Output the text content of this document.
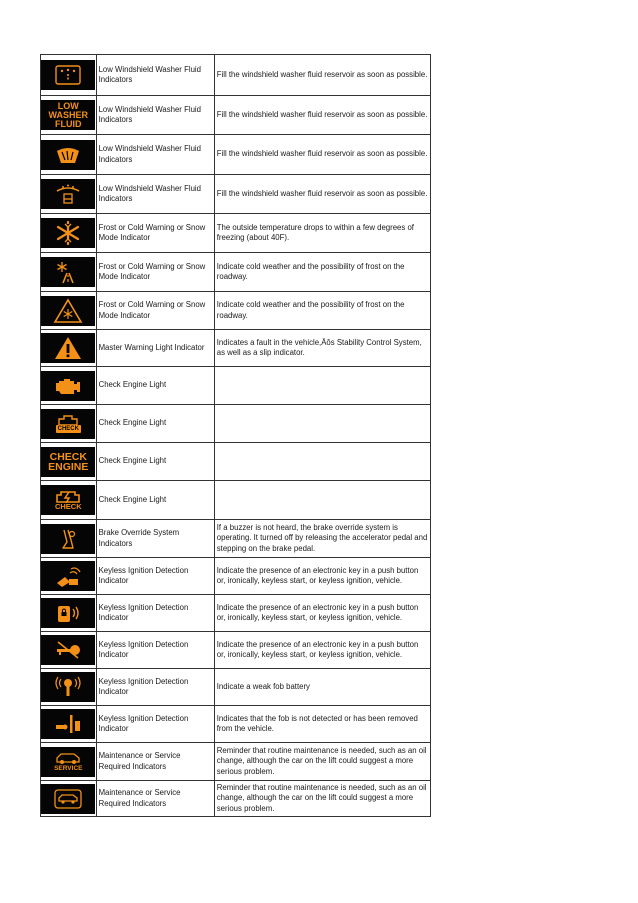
	Low Windshield Washer Fluid Indicators	Fill the windshield washer fluid reservoir as soon as possible.

LOW
WASHER
FLUID	Low Windshield Washer Fluid Indicators	Fill the windshield washer fluid reservoir as soon as possible.

	Low Windshield Washer Fluid Indicators	Fill the windshield washer fluid reservoir as soon as possible.

	Low Windshield Washer Fluid Indicators	Fill the windshield washer fluid reservoir as soon as possible.

	Frost or Cold Warning or Snow Mode Indicator	The outside temperature drops to within a few degrees of freezing (about 40F).

	Frost or Cold Warning or Snow Mode Indicator	Indicate cold weather and the possibility of frost on the roadway.

	Frost or Cold Warning or Snow Mode Indicator	Indicate cold weather and the possibility of frost on the roadway.

	Master Warning Light Indicator	Indicates a fault in the vehicle,Äôs Stability Control System, as well as a slip indicator.

	Check Engine Light	

CHECK	Check Engine Light	

CHECK
ENGINE	Check Engine Light	

CHECK	Check Engine Light	

	Brake Override System Indicators	If a buzzer is not heard, the brake override system is operating. It turned off by releasing the accelerator pedal and stepping on the brake pedal.

	Keyless Ignition Detection Indicator	Indicate the presence of an electronic key in a push button or, ironically, keyless start, or keyless ignition, vehicle.

	Keyless Ignition Detection Indicator	Indicate the presence of an electronic key in a push button or, ironically, keyless start, or keyless ignition, vehicle.

	Keyless Ignition Detection Indicator	Indicate the presence of an electronic key in a push button or, ironically, keyless start, or keyless ignition, vehicle.

	Keyless Ignition Detection Indicator	Indicate a weak fob battery

	Keyless Ignition Detection Indicator	Indicates that the fob is not detected or has been removed from the vehicle.

SERVICE	Maintenance or Service Required Indicators	Reminder that routine maintenance is needed, such as an oil change, although the car on the lift could suggest a more serious problem.

	Maintenance or Service Required Indicators	Reminder that routine maintenance is needed, such as an oil change, although the car on the lift could suggest a more serious problem.
